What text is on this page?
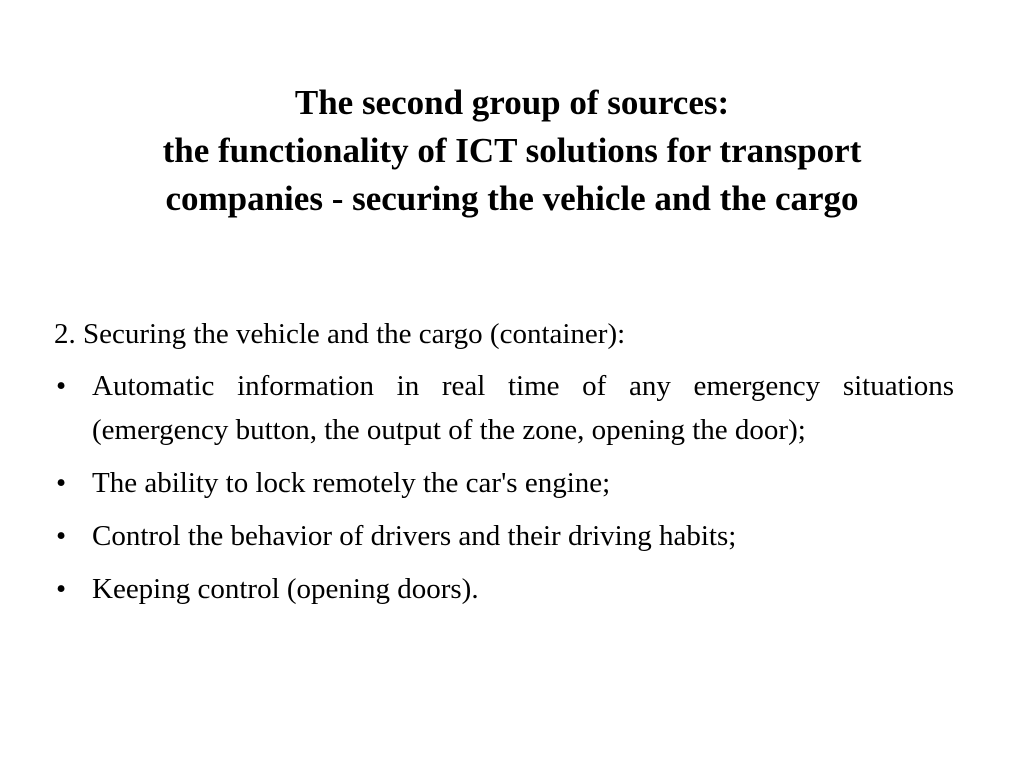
The second group of sources:
the functionality of ICT solutions for transport
companies - securing the vehicle and the cargo

2. Securing the vehicle and the cargo (container):

• Automatic information in real time of any emergency situations (emergency button, the output of the zone, opening the door);
• The ability to lock remotely the car's engine;
• Control the behavior of drivers and their driving habits;
• Keeping control (opening doors).
